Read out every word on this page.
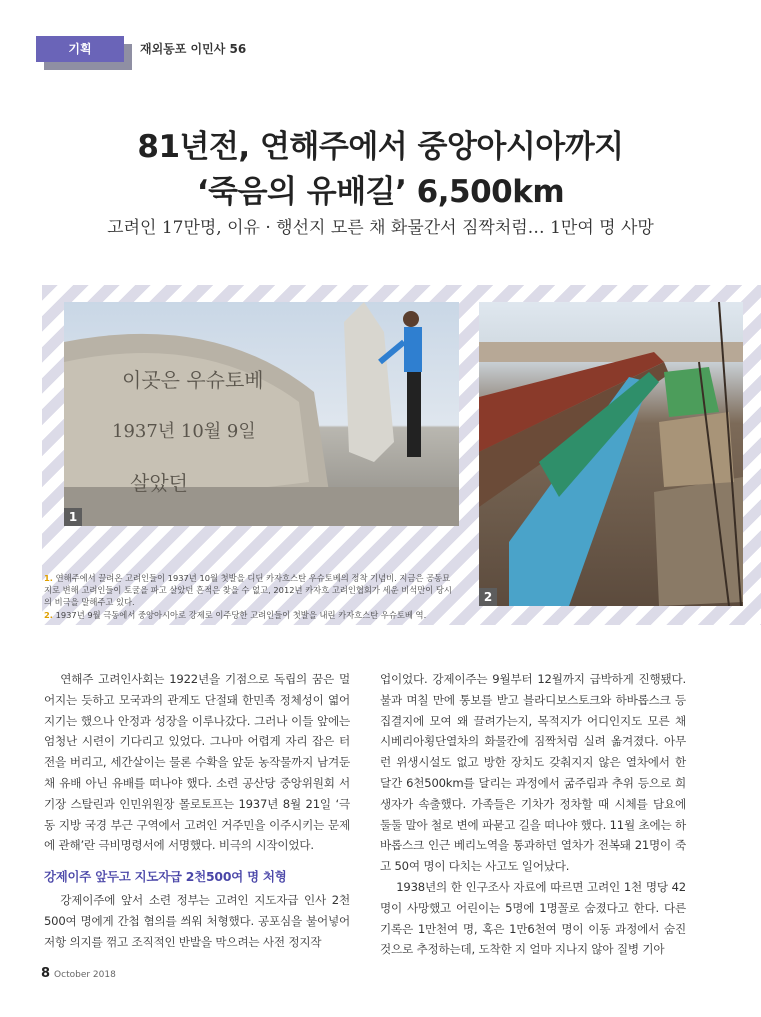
기획	재외동포 이민사 56
81년전, 연해주에서 중앙아시아까지
‘죽음의 유배길’ 6,500km
고려인 17만명, 이유 · 행선지 모른 채 화물간서 짐짝처럼… 1만여 명 사망
이곳은 우슈토베
1937년 10월 9일
살았던
1
2
1. 연해주에서 끌려온 고려인들이 1937년 10월 첫발을 디딘 카자흐스탄 우슈토베의 정착 기념비. 지금은 공동묘지로 변해 고려인들이 토굴을 파고 살았던 흔적은 찾을 수 없고, 2012년 카자흐 고려인협회가 세운 비석만이 당시의 비극을 말해주고 있다.
2. 1937년 9월 극동에서 중앙아시아로 강제로 이주당한 고려인들이 첫발을 내린 카자흐스탄 우슈토베 역.

연해주 고려인사회는 1922년을 기점으로 독립의 꿈은 멀어지는 듯하고 모국과의 관계도 단절돼 한민족 정체성이 엷어지기는 했으나 안정과 성장을 이루나갔다. 그러나 이들 앞에는 엄청난 시련이 기다리고 있었다. 그나마 어렵게 자리 잡은 터전을 버리고, 세간살이는 물론 수확을 앞둔 농작물까지 남겨둔 채 유배 아닌 유배를 떠나야 했다. 소련 공산당 중앙위원회 서기장 스탈린과 인민위원장 몰로토프는 1937년 8월 21일 ‘극동 지방 국경 부근 구역에서 고려인 거주민을 이주시키는 문제에 관해’란 극비명령서에 서명했다. 비극의 시작이었다.

강제이주 앞두고 지도자급 2천500여 명 처형

강제이주에 앞서 소련 정부는 고려인 지도자급 인사 2천500여 명에게 간첩 혐의를 씌워 처형했다. 공포심을 불어넣어 저항 의지를 꺾고 조직적인 반발을 막으려는 사전 정지작

업이었다. 강제이주는 9월부터 12월까지 급박하게 진행됐다. 불과 며칠 만에 통보를 받고 블라디보스토크와 하바롭스크 등 집결지에 모여 왜 끌려가는지, 목적지가 어디인지도 모른 채 시베리아횡단열차의 화물칸에 짐짝처럼 실려 옮겨졌다. 아무런 위생시설도 없고 방한 장치도 갖춰지지 않은 열차에서 한 달간 6천500km를 달리는 과정에서 굶주림과 추위 등으로 희생자가 속출했다. 가족들은 기차가 정차할 때 시체를 담요에 둘둘 말아 철로 변에 파묻고 길을 떠나야 했다. 11월 초에는 하바롭스크 인근 베리노역을 통과하던 열차가 전복돼 21명이 죽고 50여 명이 다치는 사고도 일어났다.

1938년의 한 인구조사 자료에 따르면 고려인 1천 명당 42명이 사망했고 어린이는 5명에 1명꼴로 숨졌다고 한다. 다른 기록은 1만천여 명, 혹은 1만6천여 명이 이동 과정에서 숨진 것으로 추정하는데, 도착한 지 얼마 지나지 않아 질병 기아

8 October 2018
